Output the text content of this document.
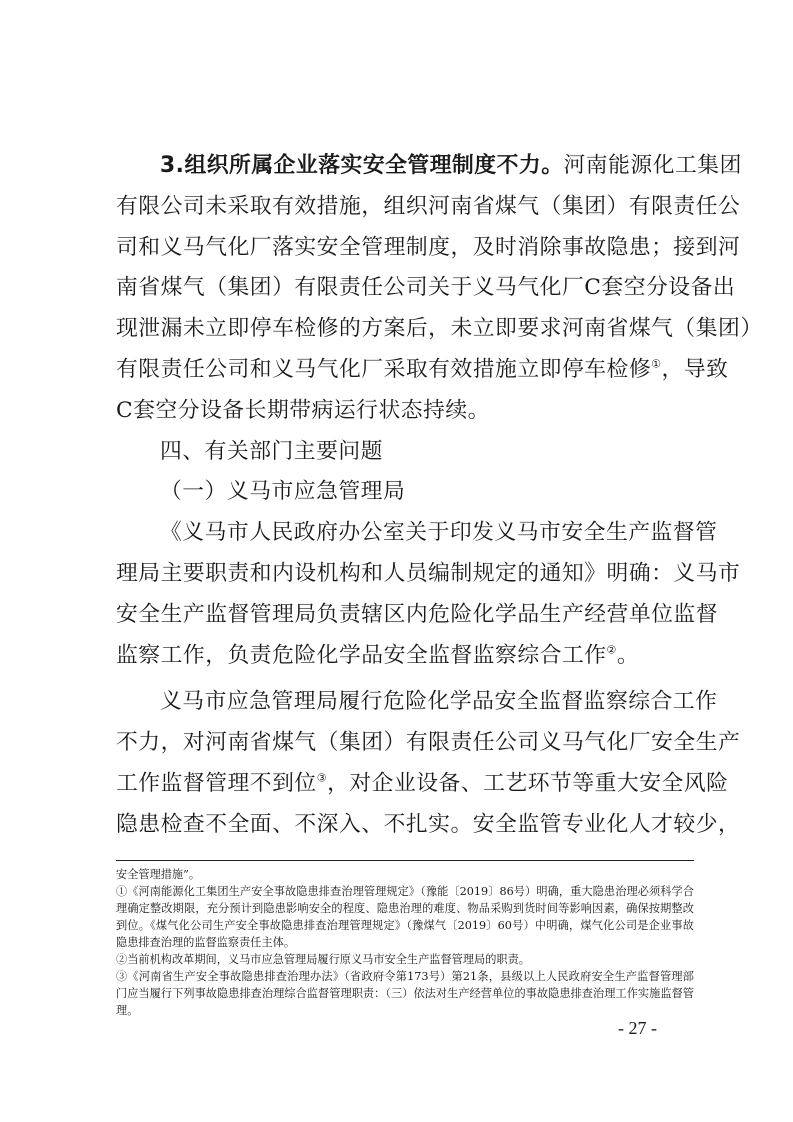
3.组织所属企业落实安全管理制度不力。河南能源化工集团
有限公司未采取有效措施，组织河南省煤气（集团）有限责任公
司和义马气化厂落实安全管理制度，及时消除事故隐患；接到河
南省煤气（集团）有限责任公司关于义马气化厂C套空分设备出
现泄漏未立即停车检修的方案后，未立即要求河南省煤气（集团）
有限责任公司和义马气化厂采取有效措施立即停车检修①，导致
C套空分设备长期带病运行状态持续。
四、有关部门主要问题
（一）义马市应急管理局
《义马市人民政府办公室关于印发义马市安全生产监督管
理局主要职责和内设机构和人员编制规定的通知》明确：义马市
安全生产监督管理局负责辖区内危险化学品生产经营单位监督
监察工作，负责危险化学品安全监督监察综合工作②。
义马市应急管理局履行危险化学品安全监督监察综合工作
不力，对河南省煤气（集团）有限责任公司义马气化厂安全生产
工作监督管理不到位③，对企业设备、工艺环节等重大安全风险
隐患检查不全面、不深入、不扎实。安全监管专业化人才较少，
安全管理措施”。
①《河南能源化工集团生产安全事故隐患排查治理管理规定》（豫能〔2019〕86号）明确，重大隐患治理必须科学合理确定整改期限，充分预计到隐患影响安全的程度、隐患治理的难度、物品采购到货时间等影响因素，确保按期整改到位。《煤气化公司生产安全事故隐患排查治理管理规定》（豫煤气〔2019〕60号）中明确，煤气化公司是企业事故隐患排查治理的监督监察责任主体。
②当前机构改革期间，义马市应急管理局履行原义马市安全生产监督管理局的职责。
③《河南省生产安全事故隐患排查治理办法》（省政府令第173号）第21条，县级以上人民政府安全生产监督管理部门应当履行下列事故隐患排查治理综合监督管理职责：（三）依法对生产经营单位的事故隐患排查治理工作实施监督管理。
- 27 -
